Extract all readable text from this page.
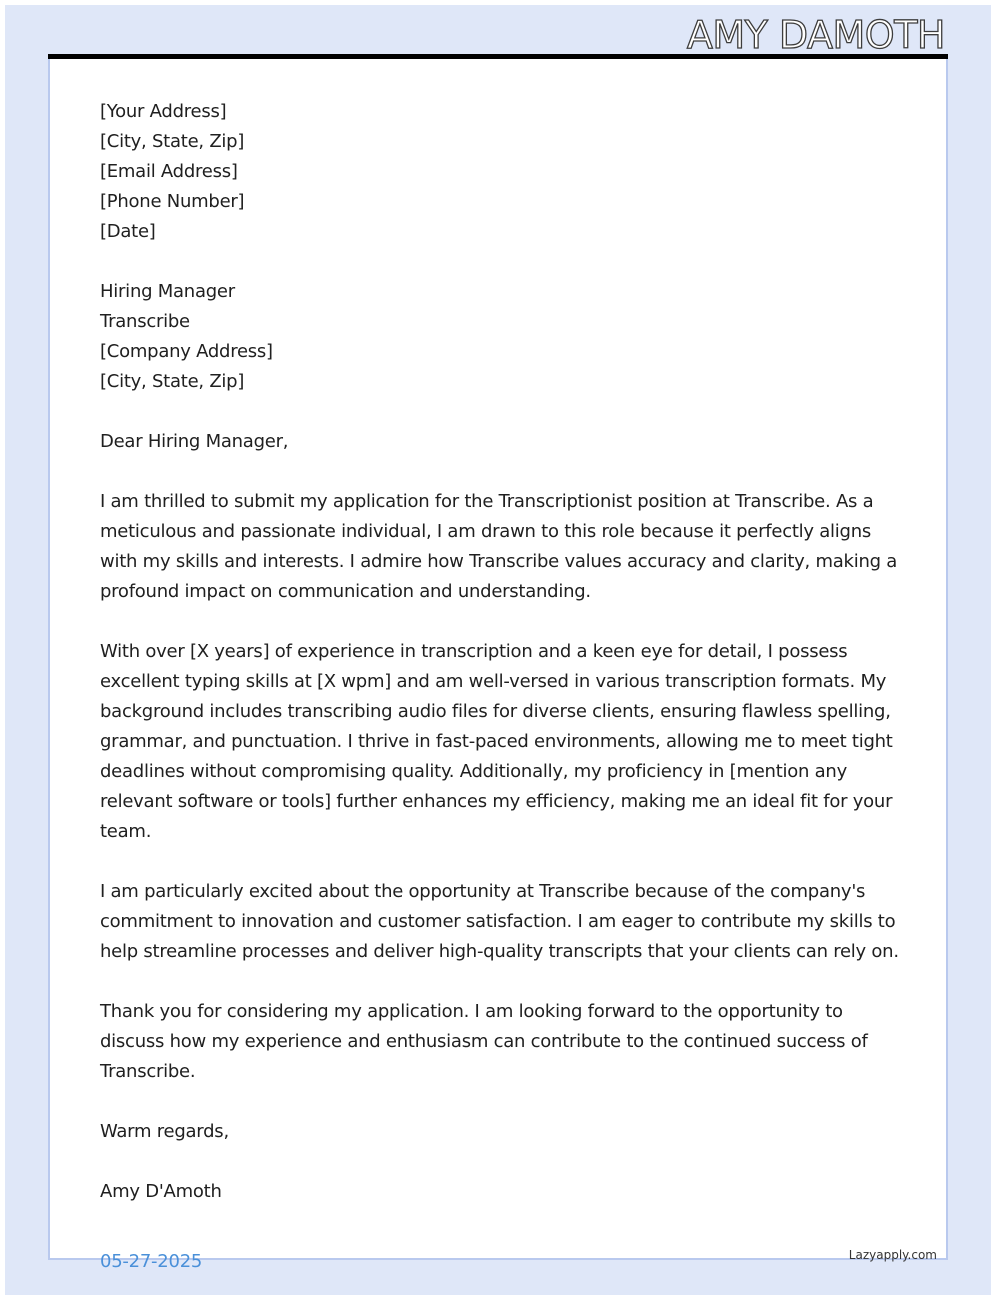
AMY DAMOTH
[Your Address]
[City, State, Zip]
[Email Address]
[Phone Number]
[Date]
Hiring Manager
Transcribe
[Company Address]
[City, State, Zip]
Dear Hiring Manager,

I am thrilled to submit my application for the Transcriptionist position at Transcribe. As a meticulous and passionate individual, I am drawn to this role because it perfectly aligns with my skills and interests. I admire how Transcribe values accuracy and clarity, making a profound impact on communication and understanding.

With over [X years] of experience in transcription and a keen eye for detail, I possess excellent typing skills at [X wpm] and am well-versed in various transcription formats. My background includes transcribing audio files for diverse clients, ensuring flawless spelling, grammar, and punctuation. I thrive in fast-paced environments, allowing me to meet tight deadlines without compromising quality. Additionally, my proficiency in [mention any relevant software or tools] further enhances my efficiency, making me an ideal fit for your team.

I am particularly excited about the opportunity at Transcribe because of the company's commitment to innovation and customer satisfaction. I am eager to contribute my skills to help streamline processes and deliver high-quality transcripts that your clients can rely on.

Thank you for considering my application. I am looking forward to the opportunity to discuss how my experience and enthusiasm can contribute to the continued success of Transcribe.

Warm regards,
Amy D'Amoth
05-27-2025	Lazyapply.com
